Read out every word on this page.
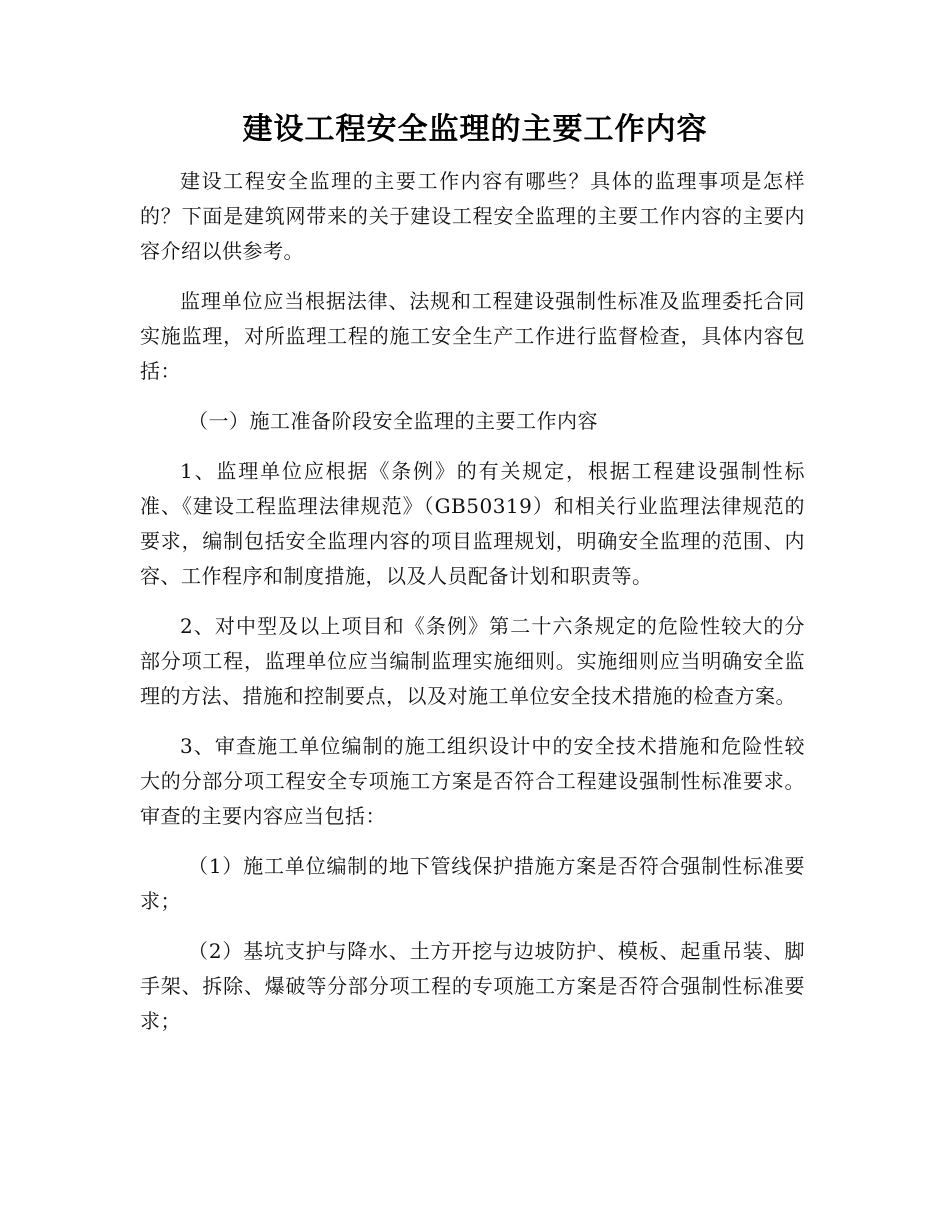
建设工程安全监理的主要工作内容

建设工程安全监理的主要工作内容有哪些？具体的监理事项是怎样的？下面是建筑网带来的关于建设工程安全监理的主要工作内容的主要内容介绍以供参考。

监理单位应当根据法律、法规和工程建设强制性标准及监理委托合同实施监理，对所监理工程的施工安全生产工作进行监督检查，具体内容包括：

（一）施工准备阶段安全监理的主要工作内容

1、监理单位应根据《条例》的有关规定，根据工程建设强制性标准、《建设工程监理法律规范》（GB50319）和相关行业监理法律规范的要求，编制包括安全监理内容的项目监理规划，明确安全监理的范围、内容、工作程序和制度措施，以及人员配备计划和职责等。

2、对中型及以上项目和《条例》第二十六条规定的危险性较大的分部分项工程，监理单位应当编制监理实施细则。实施细则应当明确安全监理的方法、措施和控制要点，以及对施工单位安全技术措施的检查方案。

3、审查施工单位编制的施工组织设计中的安全技术措施和危险性较大的分部分项工程安全专项施工方案是否符合工程建设强制性标准要求。审查的主要内容应当包括：

（1）施工单位编制的地下管线保护措施方案是否符合强制性标准要求；

（2）基坑支护与降水、土方开挖与边坡防护、模板、起重吊装、脚手架、拆除、爆破等分部分项工程的专项施工方案是否符合强制性标准要求；
